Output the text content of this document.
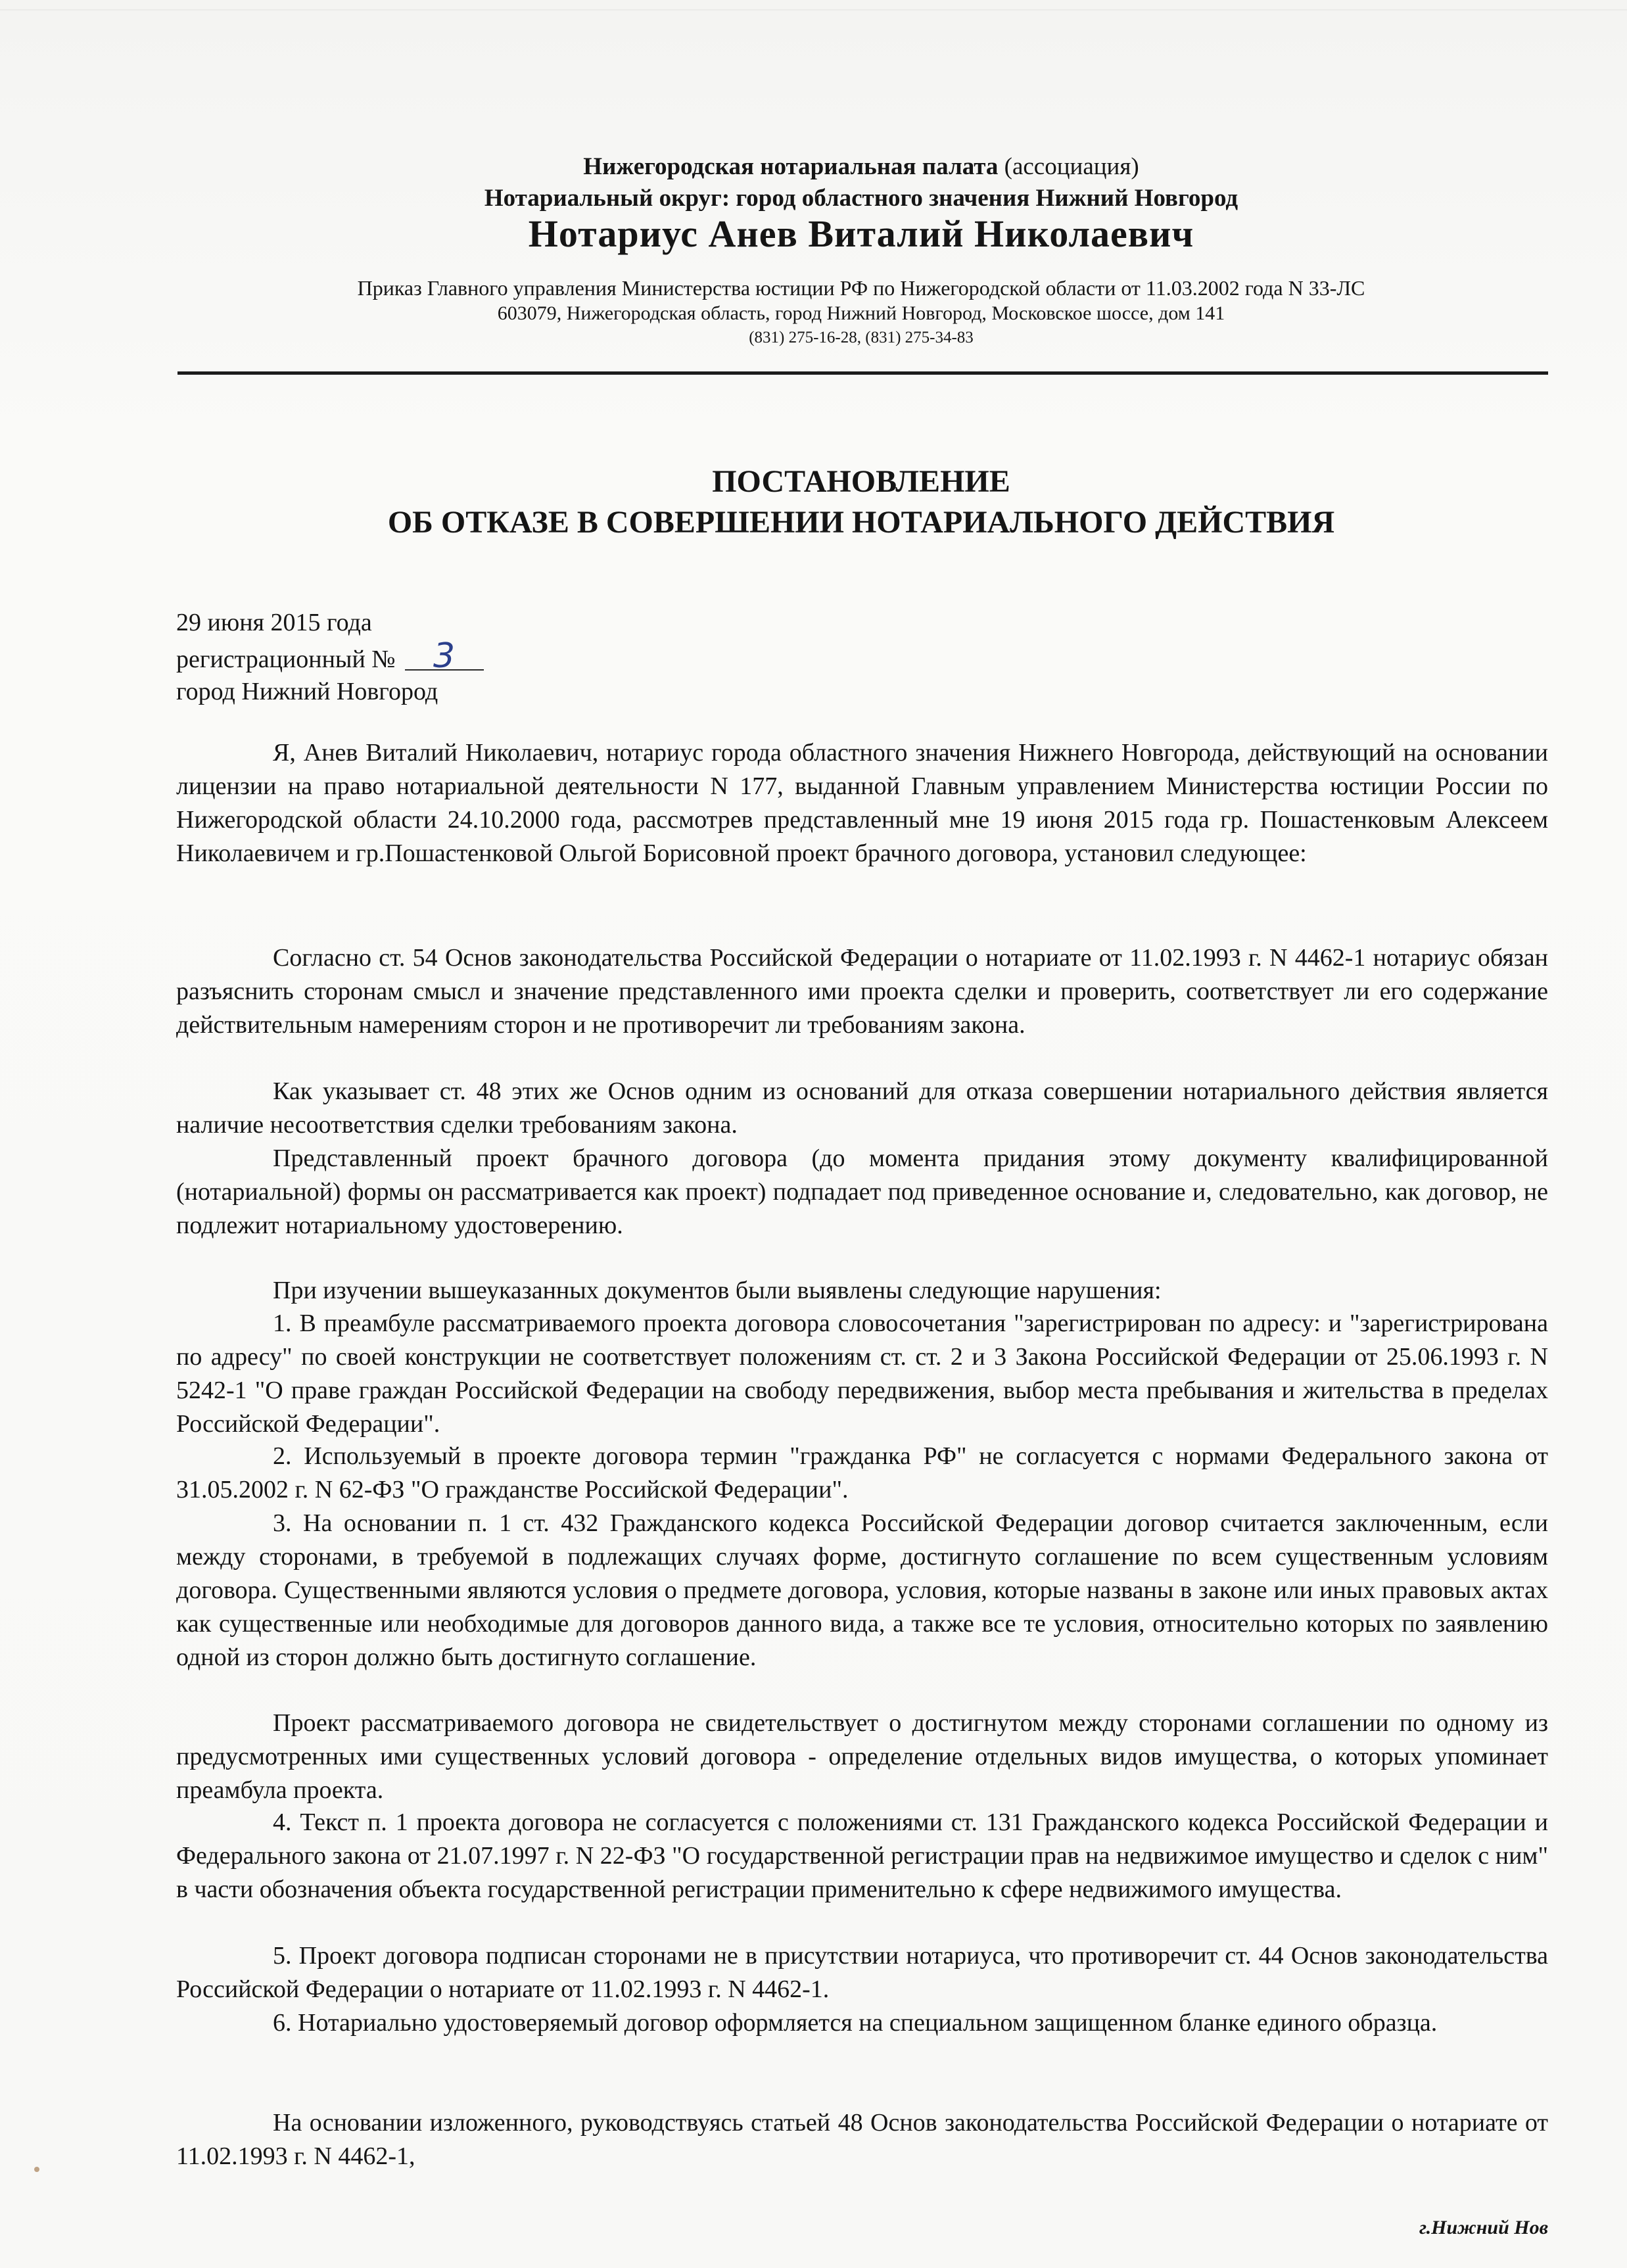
Нижегородская нотариальная палата (ассоциация)
Нотариальный округ: город областного значения Нижний Новгород
Нотариус Анев Виталий Николаевич
Приказ Главного управления Министерства юстиции РФ по Нижегородской области от 11.03.2002 года N 33-ЛС
603079, Нижегородская область, город Нижний Новгород, Московское шоссе, дом 141
(831) 275-16-28, (831) 275-34-83
ПОСТАНОВЛЕНИЕ
ОБ ОТКАЗЕ В СОВЕРШЕНИИ НОТАРИАЛЬНОГО ДЕЙСТВИЯ
29 июня 2015 года
регистрационный № 3
город Нижний Новгород
Я, Анев Виталий Николаевич, нотариус города областного значения Нижнего Новгорода, действующий на основании лицензии на право нотариальной деятельности N 177, выданной Главным управлением Министерства юстиции России по Нижегородской области 24.10.2000 года, рассмотрев представленный мне 19 июня 2015 года гр. Пошастенковым Алексеем Николаевичем и гр.Пошастенковой Ольгой Борисовной проект брачного договора, установил следующее:
Согласно ст. 54 Основ законодательства Российской Федерации о нотариате от 11.02.1993 г. N 4462-1 нотариус обязан разъяснить сторонам смысл и значение представленного ими проекта сделки и проверить, соответствует ли его содержание действительным намерениям сторон и не противоречит ли требованиям закона.
Как указывает ст. 48 этих же Основ одним из оснований для отказа совершении нотариального действия является наличие несоответствия сделки требованиям закона.
Представленный проект брачного договора (до момента придания этому документу квалифицированной (нотариальной) формы он рассматривается как проект) подпадает под приведенное основание и, следовательно, как договор, не подлежит нотариальному удостоверению.
При изучении вышеуказанных документов были выявлены следующие нарушения:
1. В преамбуле рассматриваемого проекта договора словосочетания "зарегистрирован по адресу: и "зарегистрирована по адресу" по своей конструкции не соответствует положениям ст. ст. 2 и 3 Закона Российской Федерации от 25.06.1993 г. N 5242-1 "О праве граждан Российской Федерации на свободу передвижения, выбор места пребывания и жительства в пределах Российской Федерации".
2. Используемый в проекте договора термин "гражданка РФ" не согласуется с нормами Федерального закона от 31.05.2002 г. N 62-ФЗ "О гражданстве Российской Федерации".
3. На основании п. 1 ст. 432 Гражданского кодекса Российской Федерации договор считается заключенным, если между сторонами, в требуемой в подлежащих случаях форме, достигнуто соглашение по всем существенным условиям договора. Существенными являются условия о предмете договора, условия, которые названы в законе или иных правовых актах как существенные или необходимые для договоров данного вида, а также все те условия, относительно которых по заявлению одной из сторон должно быть достигнуто соглашение.
Проект рассматриваемого договора не свидетельствует о достигнутом между сторонами соглашении по одному из предусмотренных ими существенных условий договора - определение отдельных видов имущества, о которых упоминает преамбула проекта.
4. Текст п. 1 проекта договора не согласуется с положениями ст. 131 Гражданского кодекса Российской Федерации и Федерального закона от 21.07.1997 г. N 22-ФЗ "О государственной регистрации прав на недвижимое имущество и сделок с ним" в части обозначения объекта государственной регистрации применительно к сфере недвижимого имущества.
5. Проект договора подписан сторонами не в присутствии нотариуса, что противоречит ст. 44 Основ законодательства Российской Федерации о нотариате от 11.02.1993 г. N 4462-1.
6. Нотариально удостоверяемый договор оформляется на специальном защищенном бланке единого образца.
На основании изложенного, руководствуясь статьей 48 Основ законодательства Российской Федерации о нотариате от 11.02.1993 г. N 4462-1,
г.Нижний Нов
